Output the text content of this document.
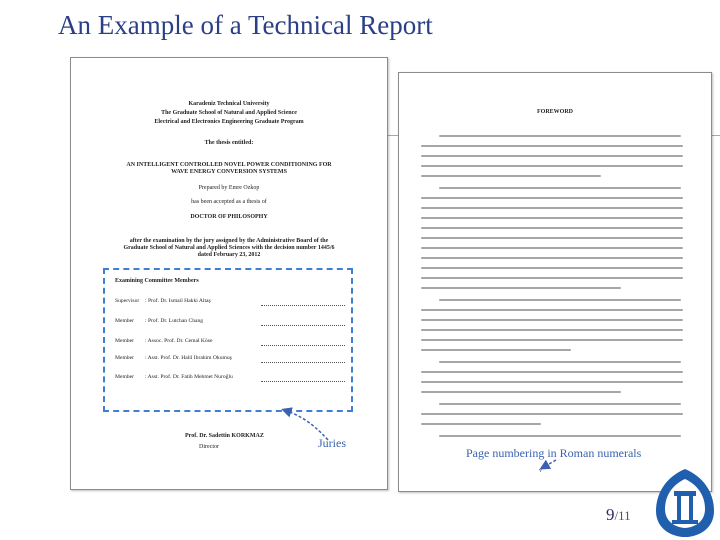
An Example of a Technical Report
Karadeniz Technical University
The Graduate School of Natural and Applied Science
Electrical and Electronics Engineering Graduate Program
The thesis entitled:
AN INTELLIGENT CONTROLLED NOVEL POWER CONDITIONING FOR
WAVE ENERGY CONVERSION SYSTEMS
Prepared by Emre Ozkop
has been accepted as a thesis of
DOCTOR OF PHILOSOPHY
after the examination by the jury assigned by the Administrative Board of the
Graduate School of Natural and Applied Sciences with the decision number 1445/6
dated February 23, 2012
Examining Committee Members
Supervisor : Prof. Dr. Ismail Hakki Altaş
Member : Prof. Dr. Lutchan Chang
Member : Assoc. Prof. Dr. Cemal Köse
Member : Asst. Prof. Dr. Halil Ibrahim Okumuş
Member : Asst. Prof. Dr. Fatih Mehmet Nuroğlu
Prof. Dr. Sadettin KORKMAZ
Director
FOREWORD
v
Juries
Page numbering in Roman numerals
9/11
